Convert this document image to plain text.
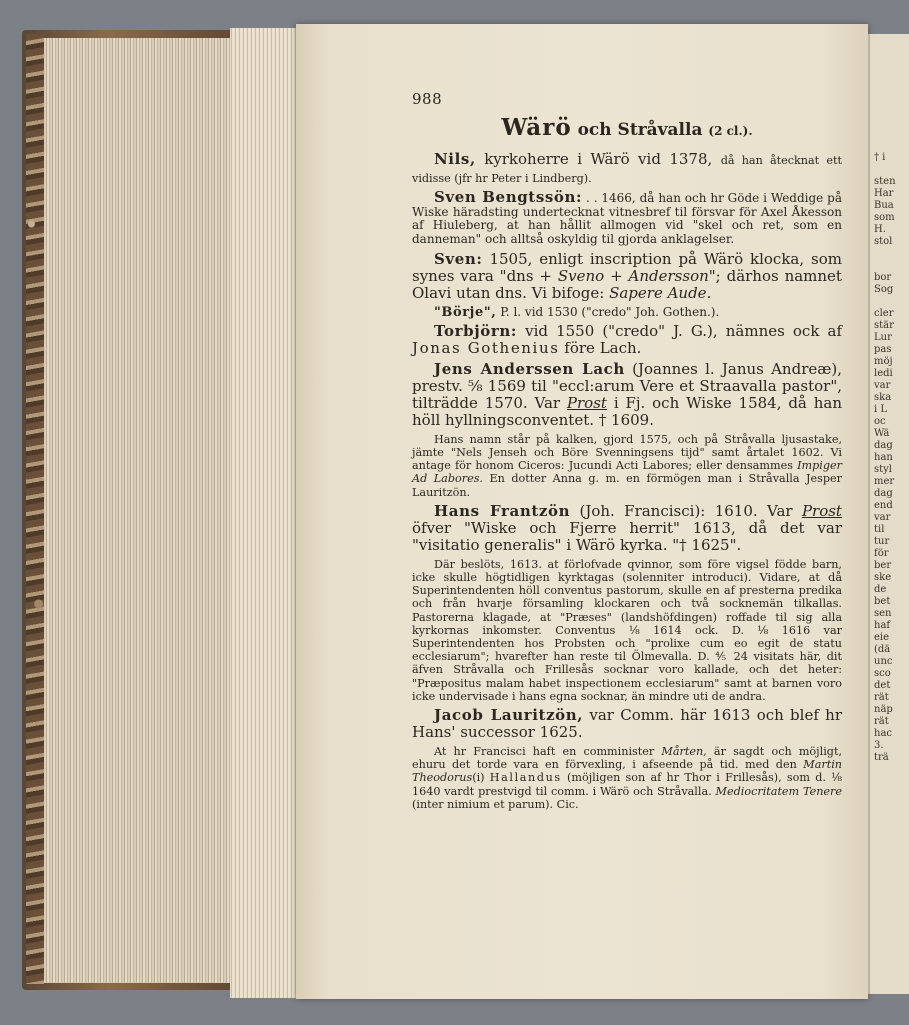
† i

sten
Har
Bua
som
H.
stol

bor
Sog

cler
stär
Lur
pas
möj
ledi
var
ska
i L
oc
Wä
dag
han
styl
mer
dag
end
var
til
tur
för
ber
ske
de
bet
sen
haf
eie
(dä
unc
sco
det
rät
näp
rät
hac
3.
trä
988
Wärö och Stråvalla (2 cl.).

Nils, kyrkoherre i Wärö vid 1378, då han åtecknat ett vidisse (jfr hr Peter i Lindberg).

Sven Bengtssön: . . 1466, då han och hr Göde i Weddige på Wiske häradsting undertecknat vitnesbref til försvar för Axel Åkesson af Hiuleberg, at han hållit allmogen vid "skel och ret, som en danneman" och alltså oskyldig til gjorda anklagelser.

Sven: 1505, enligt inscription på Wärö klocka, som synes vara "dns + Sveno + Andersson"; därhos namnet Olavi utan dns. Vi bifoge: Sapere Aude.

"Börje", P. l. vid 1530 ("credo" Joh. Gothen.).

Torbjörn: vid 1550 ("credo" J. G.), nämnes ock af Jonas Gothenius före Lach.

Jens Anderssen Lach (Joannes l. Janus Andreæ), prestv. ⅝ 1569 til "eccl:arum Vere et Straavalla pastor", tilträdde 1570. Var Prost i Fj. och Wiske 1584, då han höll hyllningsconventet. † 1609.

Hans namn står på kalken, gjord 1575, och på Stråvalla ljusastake, jämte "Nels Jenseh och Böre Svenningsens tijd" samt årtalet 1602. Vi antage för honom Ciceros: Jucundi Acti Labores; eller densammes Impiger Ad Labores. En dotter Anna g. m. en förmögen man i Stråvalla Jesper Lauritzön.

Hans Frantzön (Joh. Francisci): 1610. Var Prost öfver "Wiske och Fjerre herrit" 1613, då det var "visitatio generalis" i Wärö kyrka. "† 1625".

Där beslöts, 1613. at förlofvade qvinnor, som före vigsel födde barn, icke skulle högtidligen kyrktagas (solenniter introduci). Vidare, at då Superintendenten höll conventus pastorum, skulle en af presterna predika och från hvarje församling klockaren och två socknemän tilkallas. Pastorerna klagade, at "Præses" (landshöfdingen) roffade til sig alla kyrkornas inkomster. Conventus ⅛ 1614 ock. D. ⅛ 1616 var Superintendenten hos Probsten och "prolixe cum eo egit de statu ecclesiarum"; hvarefter han reste til Ölmevalla. D. ⅘ 24 visitats här, dit äfven Stråvalla och Frillesås socknar voro kallade, och det heter: "Præpositus malam habet inspectionem ecclesiarum" samt at barnen voro icke undervisade i hans egna socknar, än mindre uti de andra.

Jacob Lauritzön, var Comm. här 1613 och blef hr Hans' successor 1625.

At hr Francisci haft en comminister Mårten, är sagdt och möjligt, ehuru det torde vara en förvexling, i afseende på tid. med den Martin Theodorus(i) Hallandus (möjligen son af hr Thor i Frillesås), som d. ⅛ 1640 vardt prestvigd til comm. i Wärö och Stråvalla. Mediocritatem Tenere (inter nimium et parum). Cic.
